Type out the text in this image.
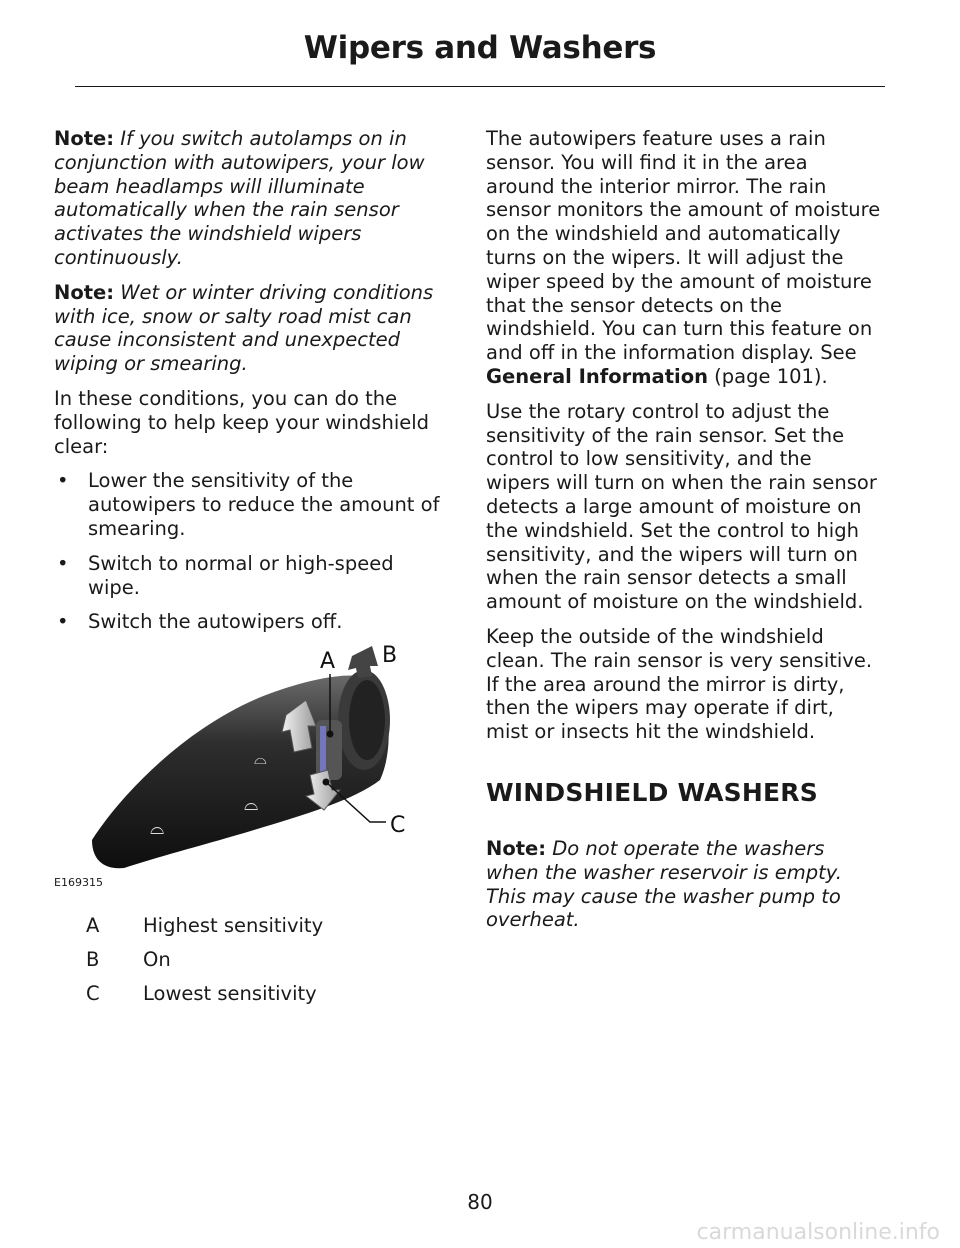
Wipers and Washers

Note: If you switch autolamps on in conjunction with autowipers, your low beam headlamps will illuminate automatically when the rain sensor activates the windshield wipers continuously.

Note: Wet or winter driving conditions with ice, snow or salty road mist can cause inconsistent and unexpected wiping or smearing.

In these conditions, you can do the following to help keep your windshield clear:

• Lower the sensitivity of the autowipers to reduce the amount of smearing.
• Switch to normal or high-speed wipe.
• Switch the autowipers off.
⌓
⌓
⌓
A B
C
E169315
A	Highest sensitivity
B	On
C	Lowest sensitivity

The autowipers feature uses a rain sensor. You will find it in the area around the interior mirror. The rain sensor monitors the amount of moisture on the windshield and automatically turns on the wipers. It will adjust the wiper speed by the amount of moisture that the sensor detects on the windshield. You can turn this feature on and off in the information display. See General Information (page 101).

Use the rotary control to adjust the sensitivity of the rain sensor. Set the control to low sensitivity, and the wipers will turn on when the rain sensor detects a large amount of moisture on the windshield. Set the control to high sensitivity, and the wipers will turn on when the rain sensor detects a small amount of moisture on the windshield.

Keep the outside of the windshield clean. The rain sensor is very sensitive. If the area around the mirror is dirty, then the wipers may operate if dirt, mist or insects hit the windshield.

WINDSHIELD WASHERS

Note: Do not operate the washers when the washer reservoir is empty. This may cause the washer pump to overheat.

80
carmanualsonline.info
